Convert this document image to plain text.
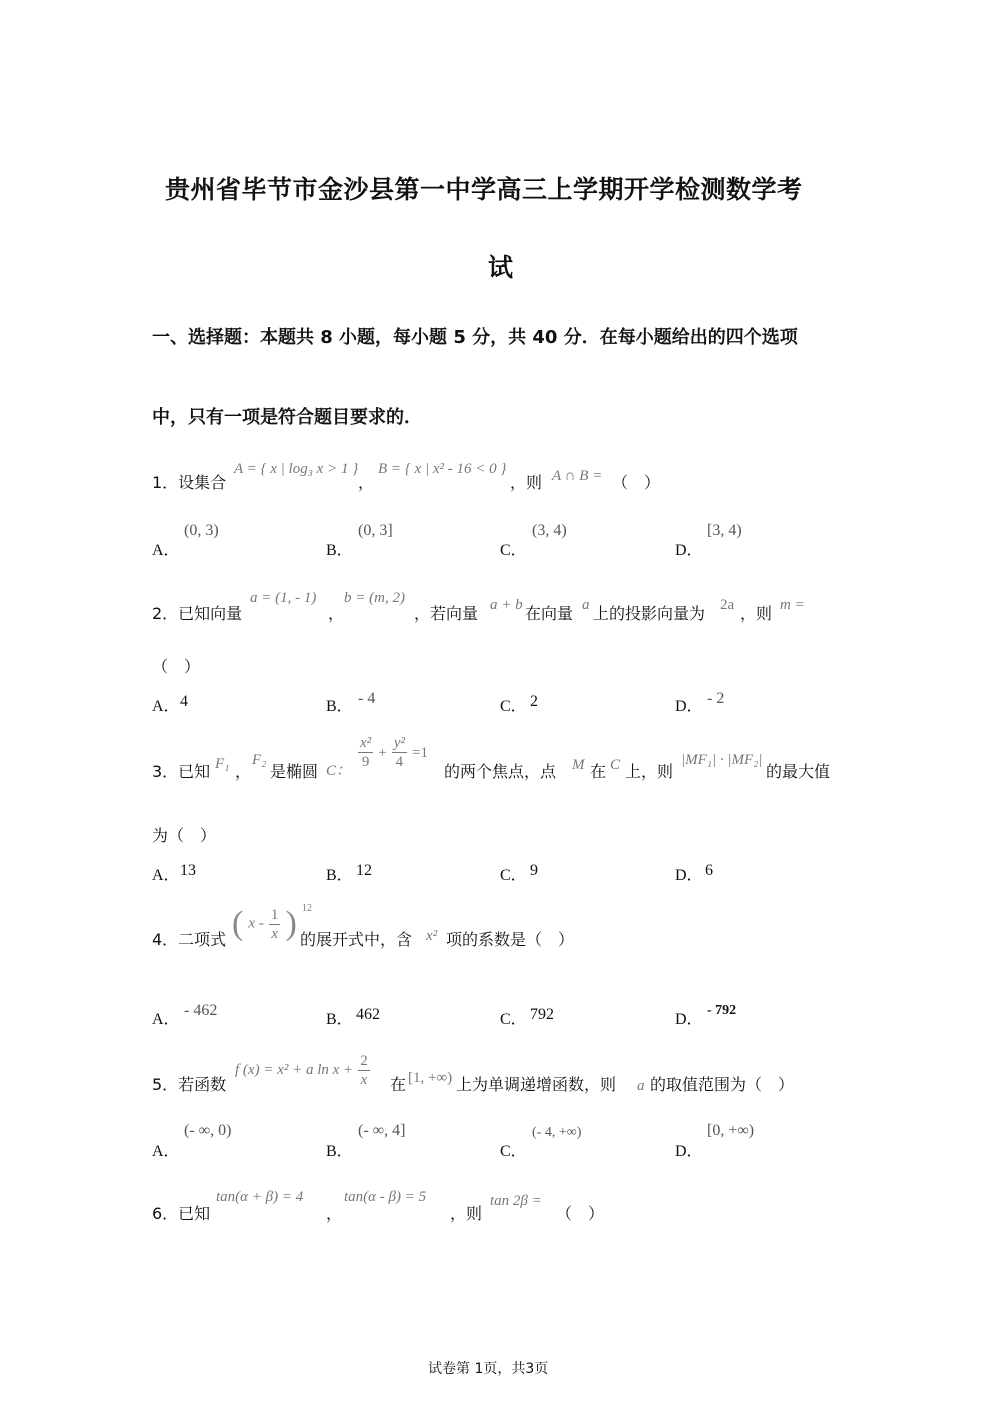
贵州省毕节市金沙县第一中学高三上学期开学检测数学考
试
一、选择题：本题共 8 小题，每小题 5 分，共 40 分．在每小题给出的四个选项
中，只有一项是符合题目要求的．
1．设集合
A = { x | log₃ x > 1 }
，
B = { x | x² - 16 < 0 }
，则 A ∩ B = （　）
A．
(0, 3)
B．
(0, 3]
C．
(3, 4)
D．
[3, 4)
2．已知向量
a = (1, - 1)
，
b = (m, 2)
，若向量 a + b 在向量 a 上的投影向量为 2a ，则 m =
（　）
A． 4	B． - 4	C． 2	D． - 2
3．已知 F₁ ，
F₂
是椭圆 C： $\frac{\text{x²}}{9} + \frac{\text{y²}}{4} =1$
的两个焦点，点 M 在 C 上，则
|MF₁| · |MF₂|
的最大值
为（　）
A． 13	B． 12	C． 9	D． 6
4．二项式 ( x - $\frac{1}{x}$ ) $^{12}$
的展开式中，含 x² 项的系数是（　）
A．
- 462
B． 462	C． 792	D．
- 792
5．若函数
f (x) = x² + a $\ln x + \frac{2}{x}$ 在 [1, +∞) 上为单调递增函数，则 a 的取值范围为（　）
A．
(- ∞, 0)
B．
(- ∞, 4]
C．
(- 4, +∞)
D．
[0, +∞)
6．已知
tan(α + β) = 4
，
tan(α - β) = 5
，则
tan 2β =
（　）
试卷第 1页，共3页
